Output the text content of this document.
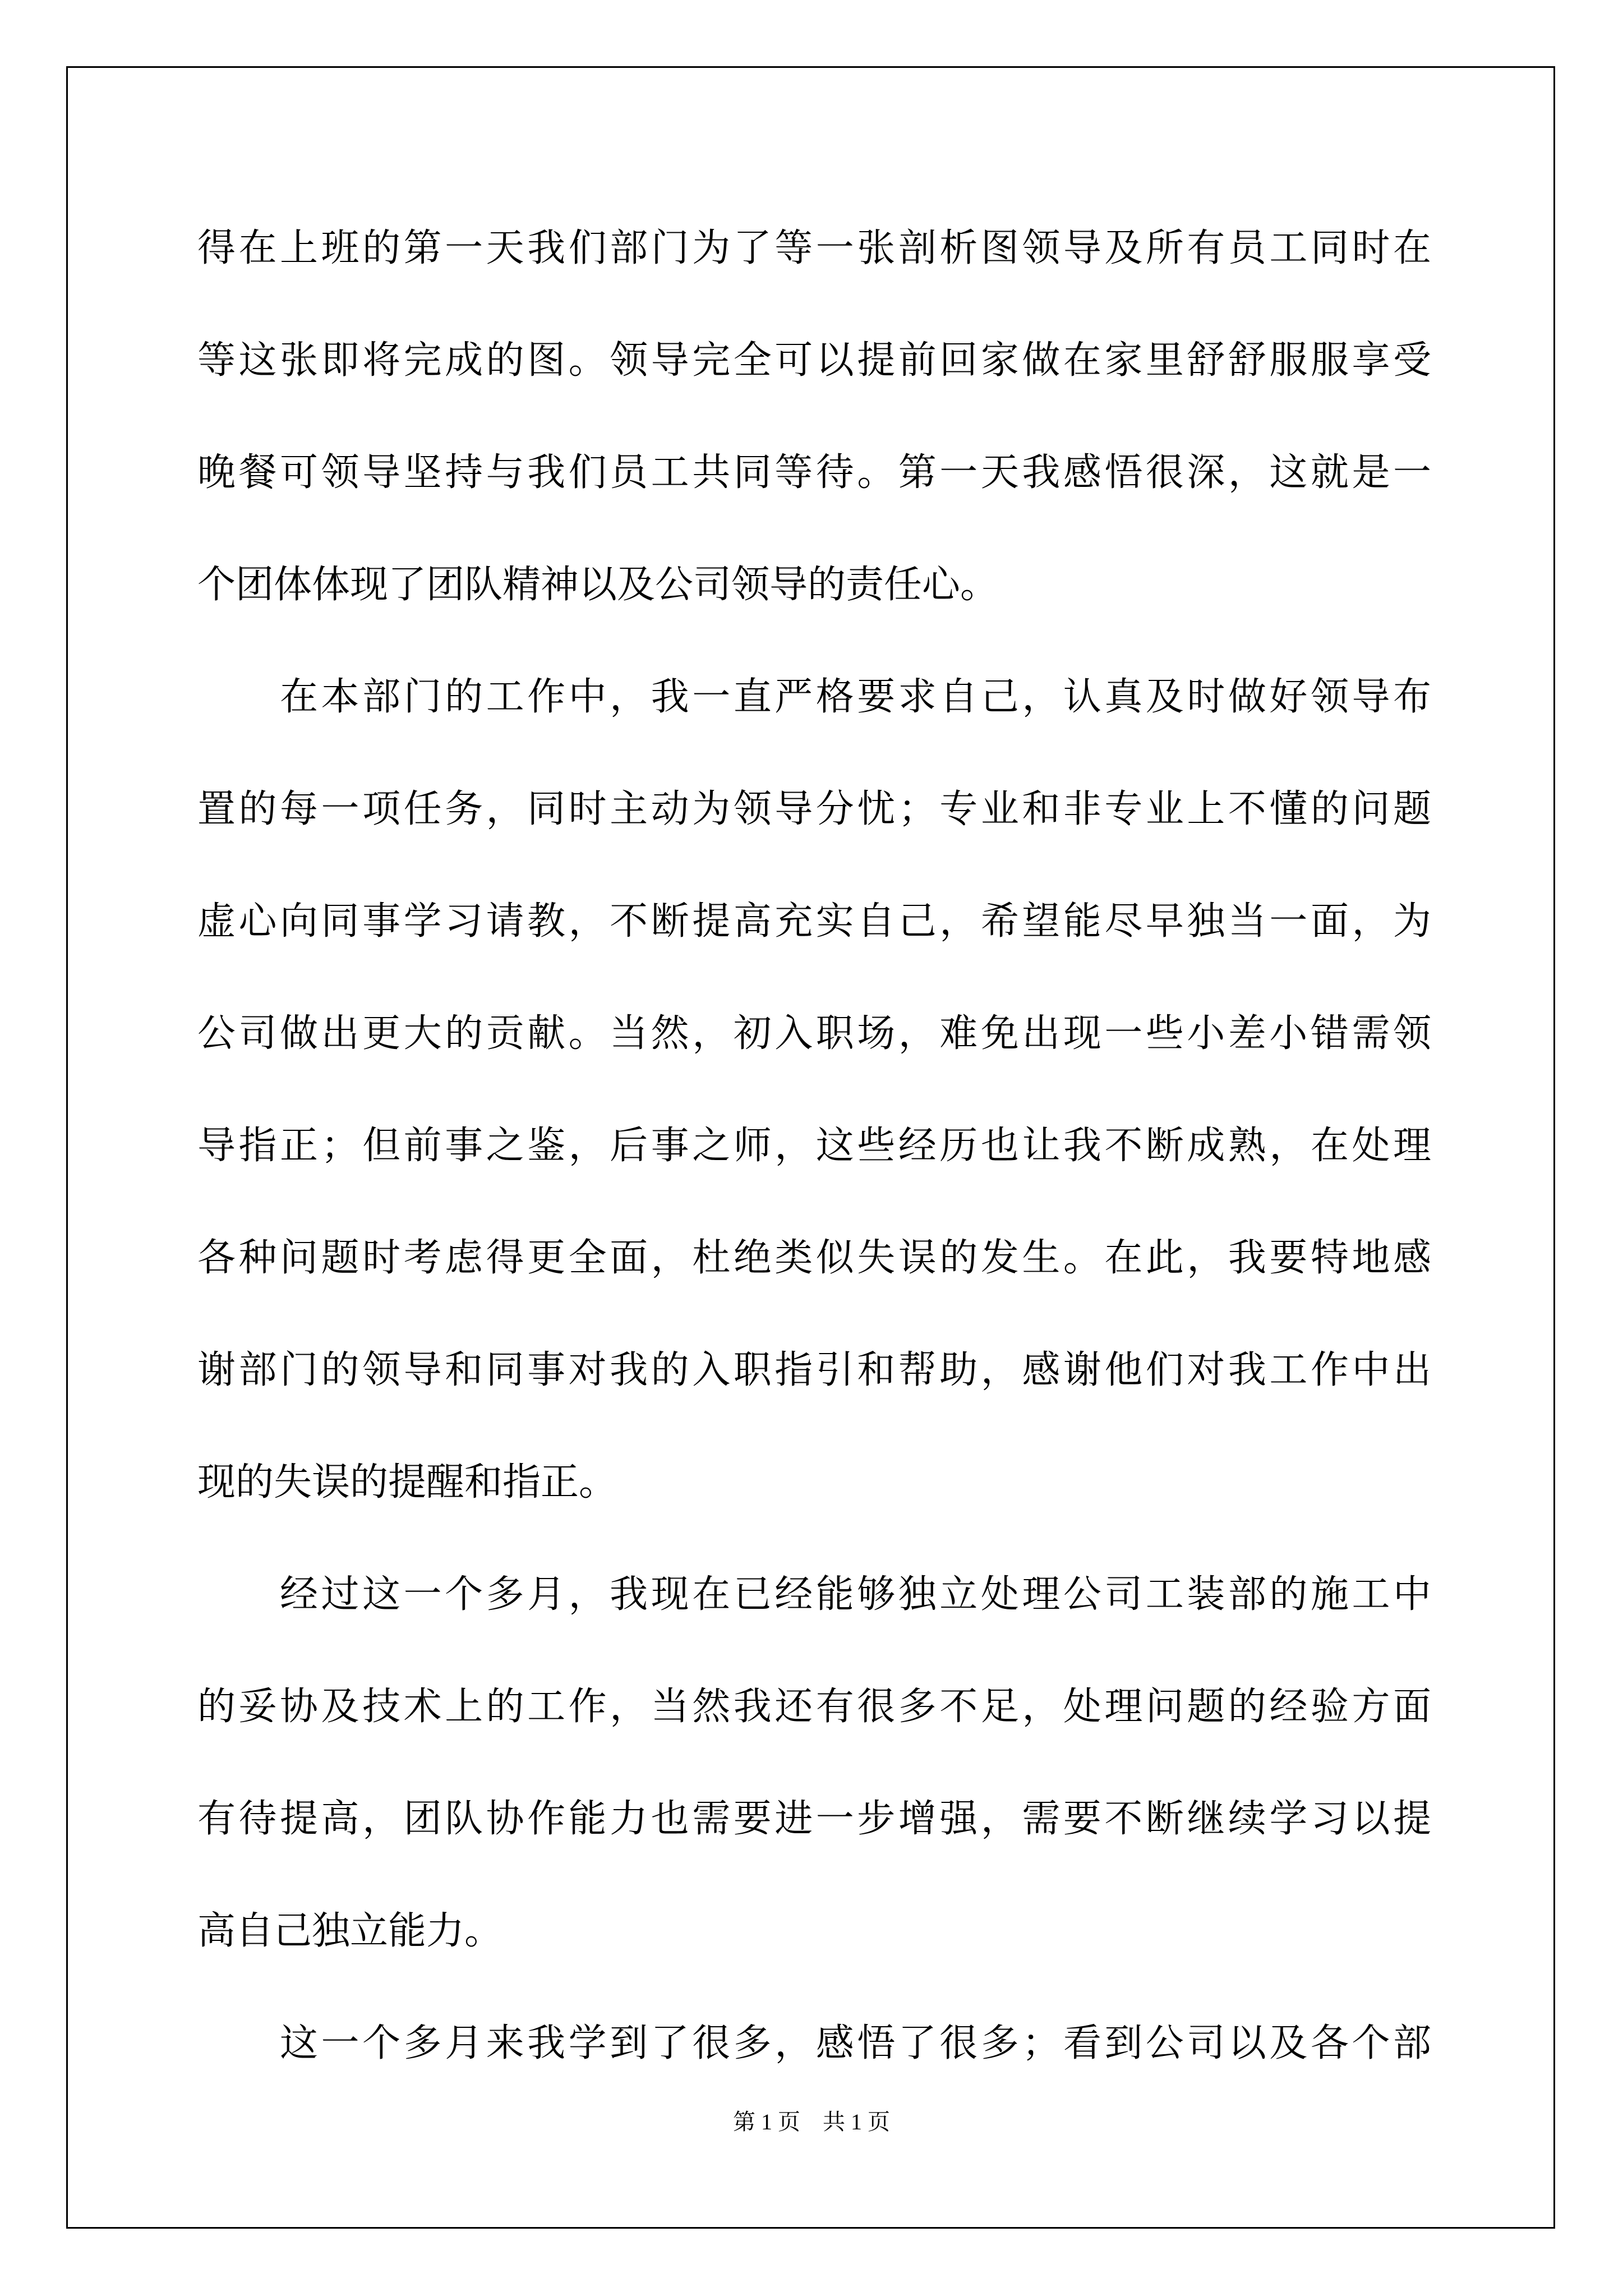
得在上班的第一天我们部门为了等一张剖析图领导及所有员工同时在
等这张即将完成的图。领导完全可以提前回家做在家里舒舒服服享受
晚餐可领导坚持与我们员工共同等待。第一天我感悟很深，这就是一
个团体体现了团队精神以及公司领导的责任心。
　　在本部门的工作中，我一直严格要求自己，认真及时做好领导布
置的每一项任务，同时主动为领导分忧；专业和非专业上不懂的问题
虚心向同事学习请教，不断提高充实自己，希望能尽早独当一面，为
公司做出更大的贡献。当然，初入职场，难免出现一些小差小错需领
导指正；但前事之鉴，后事之师，这些经历也让我不断成熟，在处理
各种问题时考虑得更全面，杜绝类似失误的发生。在此，我要特地感
谢部门的领导和同事对我的入职指引和帮助，感谢他们对我工作中出
现的失误的提醒和指正。
　　经过这一个多月，我现在已经能够独立处理公司工装部的施工中
的妥协及技术上的工作，当然我还有很多不足，处理问题的经验方面
有待提高，团队协作能力也需要进一步增强，需要不断继续学习以提
高自己独立能力。
　　这一个多月来我学到了很多，感悟了很多；看到公司以及各个部
第 1 页　共 1 页
